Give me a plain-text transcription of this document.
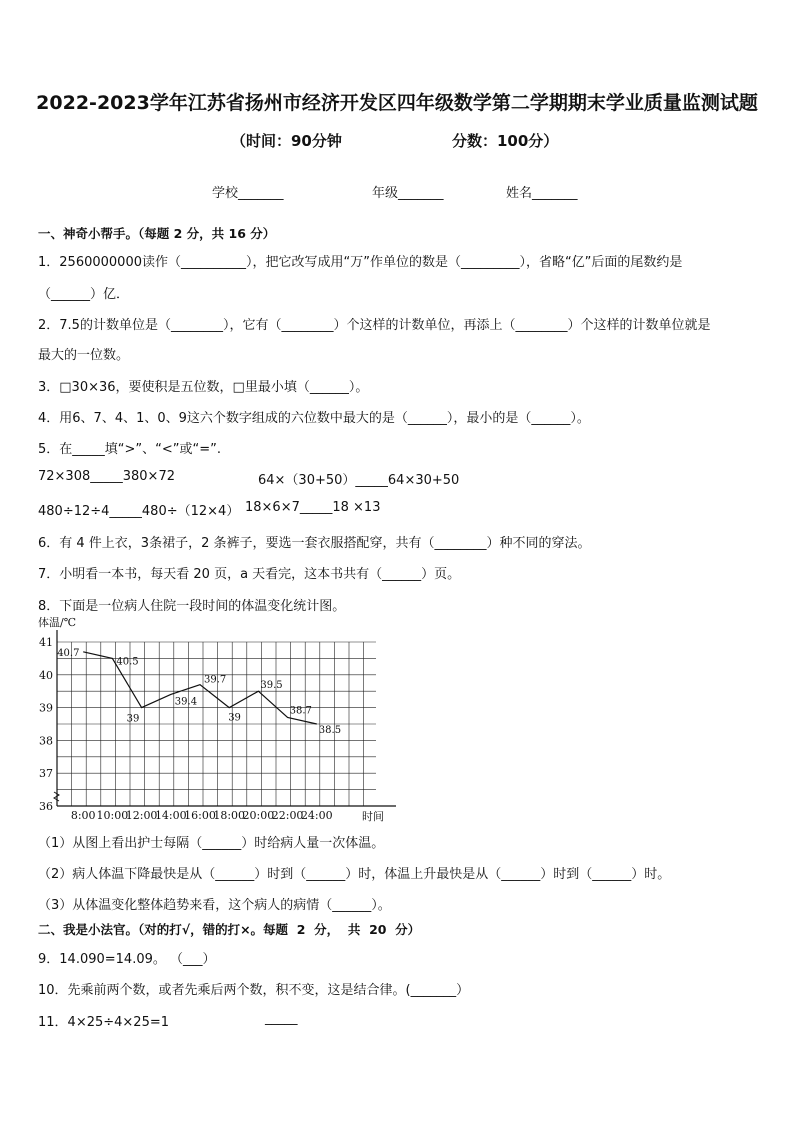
2022-2023学年江苏省扬州市经济开发区四年级数学第二学期期末学业质量监测试题
（时间：90分钟	分数：100分）
学校_______	年级_______	姓名_______
一、神奇小帮手。（每题 2 分，共 16 分）
1．2560000000读作（__________），把它改写成用“万”作单位的数是（_________），省略“亿”后面的尾数约是
（______）亿．
2．7.5的计数单位是（________），它有（________）个这样的计数单位，再添上（________）个这样的计数单位就是
最大的一位数。
3．□30×36，要使积是五位数，□里最小填（______）。
4．用6、7、4、1、0、9这六个数字组成的六位数中最大的是（______），最小的是（______）。
5．在_____填“>”、“<”或“=”.
72×308_____380×72	64×（30+50）_____64×30+50
480÷12÷4_____480÷（12×4） 18×6×7_____18 ×13
6．有 4 件上衣，3条裙子，2 条裤子，要选一套衣服搭配穿，共有（________）种不同的穿法。
7．小明看一本书，每天看 20 页，a 天看完，这本书共有（______）页。
8．下面是一位病人住院一段时间的体温变化统计图。
体温/℃
时间
36
37
38
39
40
41
8:00 10:00
12:00
14:00
16:00
18:00
20:00
22:00
24:00
40.7
40.5
39
39.4
39.7
39
39.5
38.7
38.5
（1）从图上看出护士每隔（______）时给病人量一次体温。
（2）病人体温下降最快是从（______）时到（______）时，体温上升最快是从（______）时到（______）时。
（3）从体温变化整体趋势来看，这个病人的病情（______）。
二、我是小法官。（对的打√，错的打×。每题  2  分，  共  20  分）
9．14.090=14.09。 （___）
10．先乘前两个数，或者先乘后两个数，积不变，这是结合律。(_______）
11．4×25÷4×25=1	_____
